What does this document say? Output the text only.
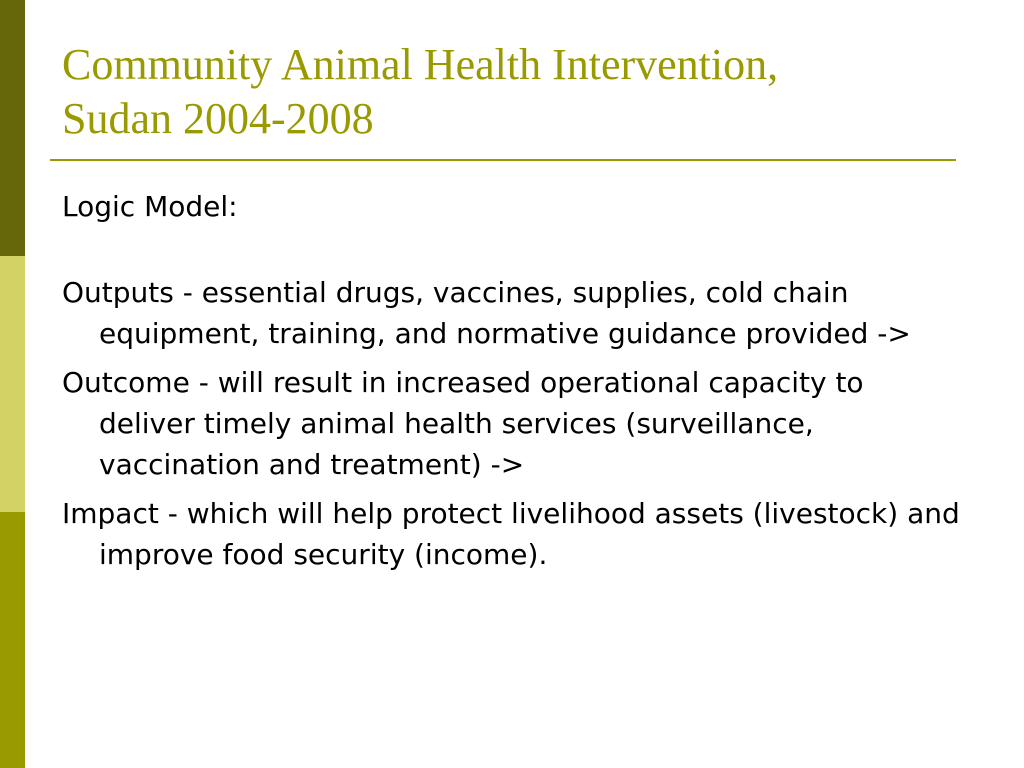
Community Animal Health Intervention,
Sudan 2004-2008

Logic Model:

Outputs - essential drugs, vaccines, supplies, cold chain equipment, training, and normative guidance provided ->

Outcome - will result in increased operational capacity to deliver timely animal health services (surveillance, vaccination and treatment) ->

Impact - which will help protect livelihood assets (livestock) and improve food security (income).
